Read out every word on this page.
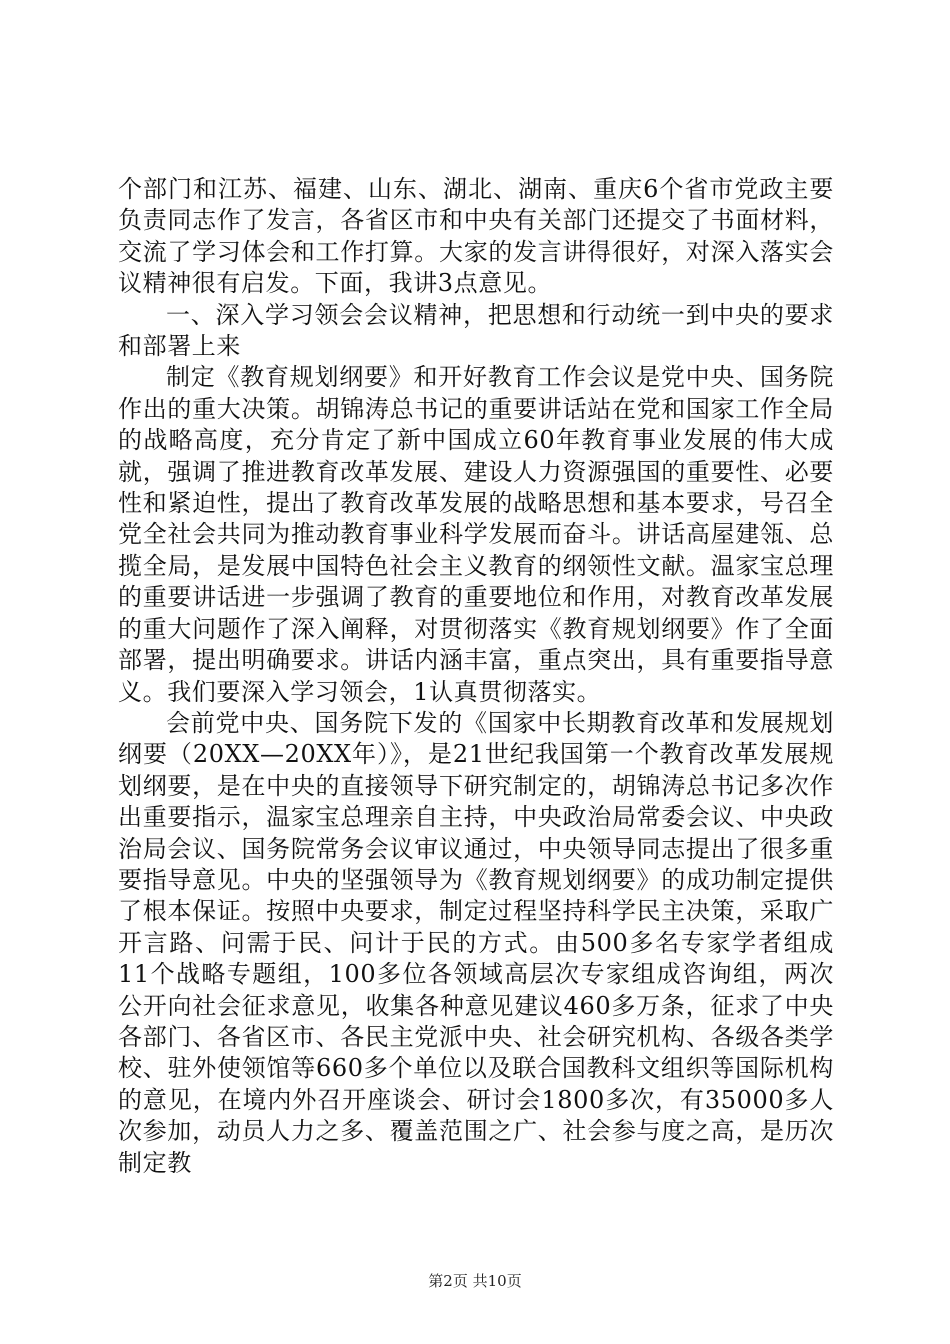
个部门和江苏、福建、山东、湖北、湖南、重庆6个省市党政主要负责同志作了发言，各省区市和中央有关部门还提交了书面材料，交流了学习体会和工作打算。大家的发言讲得很好，对深入落实会议精神很有启发。下面，我讲3点意见。

一、深入学习领会会议精神，把思想和行动统一到中央的要求和部署上来

制定《教育规划纲要》和开好教育工作会议是党中央、国务院作出的重大决策。胡锦涛总书记的重要讲话站在党和国家工作全局的战略高度，充分肯定了新中国成立60年教育事业发展的伟大成就，强调了推进教育改革发展、建设人力资源强国的重要性、必要性和紧迫性，提出了教育改革发展的战略思想和基本要求，号召全党全社会共同为推动教育事业科学发展而奋斗。讲话高屋建瓴、总揽全局，是发展中国特色社会主义教育的纲领性文献。温家宝总理的重要讲话进一步强调了教育的重要地位和作用，对教育改革发展的重大问题作了深入阐释，对贯彻落实《教育规划纲要》作了全面部署，提出明确要求。讲话内涵丰富，重点突出，具有重要指导意义。我们要深入学习领会，1认真贯彻落实。

会前党中央、国务院下发的《国家中长期教育改革和发展规划纲要（20XX—20XX年）》，是21世纪我国第一个教育改革发展规划纲要，是在中央的直接领导下研究制定的，胡锦涛总书记多次作出重要指示，温家宝总理亲自主持，中央政治局常委会议、中央政治局会议、国务院常务会议审议通过，中央领导同志提出了很多重要指导意见。中央的坚强领导为《教育规划纲要》的成功制定提供了根本保证。按照中央要求，制定过程坚持科学民主决策，采取广开言路、问需于民、问计于民的方式。由500多名专家学者组成11个战略专题组，100多位各领域高层次专家组成咨询组，两次公开向社会征求意见，收集各种意见建议460多万条，征求了中央各部门、各省区市、各民主党派中央、社会研究机构、各级各类学校、驻外使领馆等660多个单位以及联合国教科文组织等国际机构的意见，在境内外召开座谈会、研讨会1800多次，有35000多人次参加，动员人力之多、覆盖范围之广、社会参与度之高，是历次制定教

第2页 共10页
